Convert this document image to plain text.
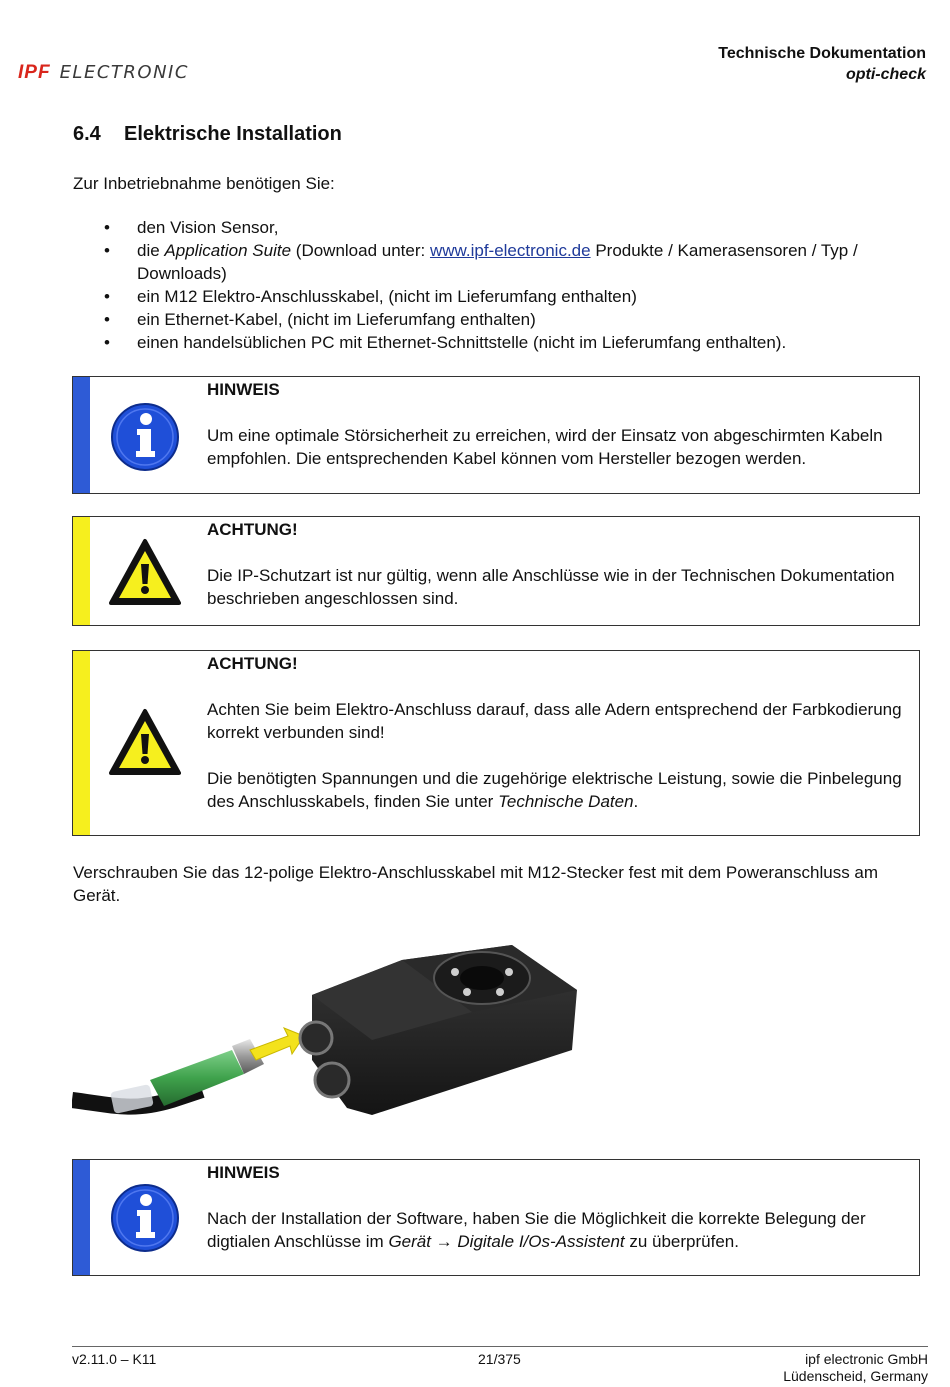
IPF ELECTRONIC
Technische Dokumentation
opti-check
6.4 Elektrische Installation
Zur Inbetriebnahme benötigen Sie:
• den Vision Sensor,
• die Application Suite (Download unter: www.ipf-electronic.de Produkte / Kamerasensoren / Typ / Downloads)
• ein M12 Elektro-Anschlusskabel, (nicht im Lieferumfang enthalten)
• ein Ethernet-Kabel, (nicht im Lieferumfang enthalten)
• einen handelsüblichen PC mit Ethernet-Schnittstelle (nicht im Lieferumfang enthalten).
HINWEIS

Um eine optimale Störsicherheit zu erreichen, wird der Einsatz von abgeschirmten Kabeln empfohlen. Die entsprechenden Kabel können vom Hersteller bezogen werden.

ACHTUNG!

Die IP-Schutzart ist nur gültig, wenn alle Anschlüsse wie in der Technischen Dokumentation beschrieben angeschlossen sind.

ACHTUNG!

Achten Sie beim Elektro-Anschluss darauf, dass alle Adern entsprechend der Farbkodierung korrekt verbunden sind!

Die benötigten Spannungen und die zugehörige elektrische Leistung, sowie die Pinbelegung des Anschlusskabels, finden Sie unter Technische Daten.

Verschrauben Sie das 12-polige Elektro-Anschlusskabel mit M12-Stecker fest mit dem Poweranschluss am Gerät.
HINWEIS

Nach der Installation der Software, haben Sie die Möglichkeit die korrekte Belegung der digtialen Anschlüsse im Gerät → Digitale I/Os-Assistent zu überprüfen.

v2.11.0 – K11	21/375	ipf electronic GmbH
Lüdenscheid, Germany
